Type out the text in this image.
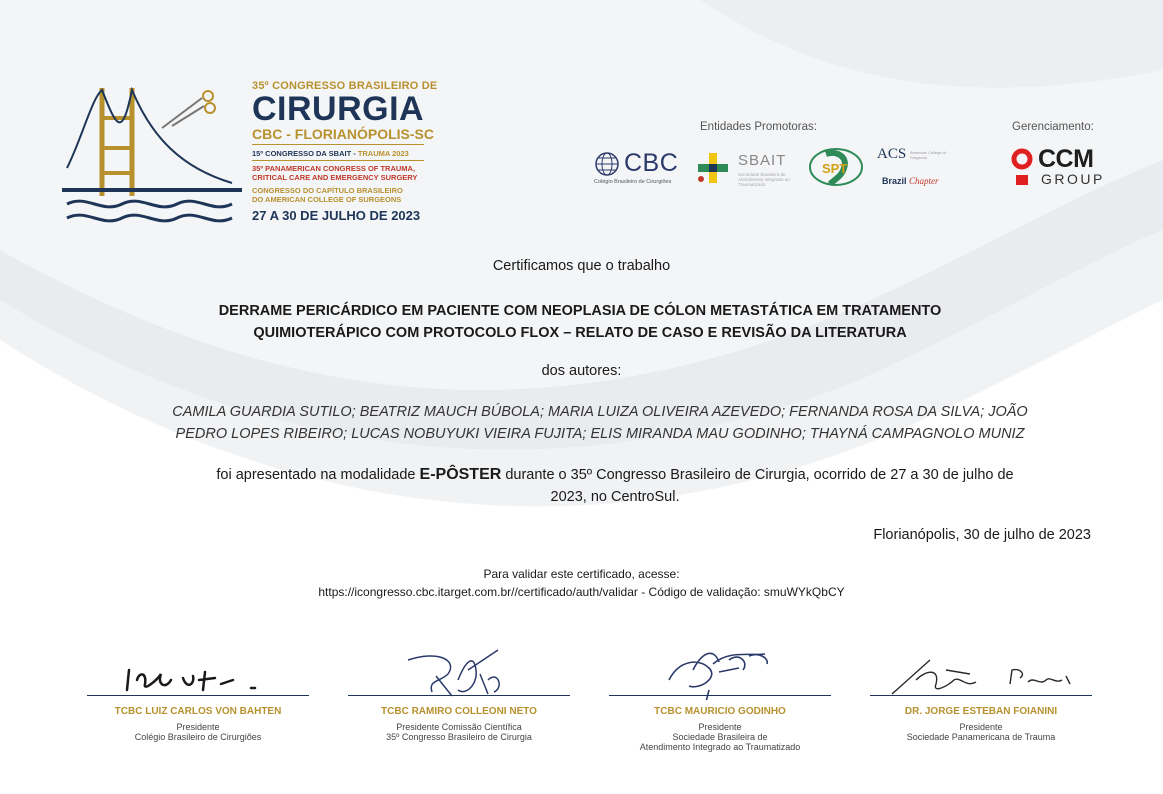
35º CONGRESSO BRASILEIRO DE
CIRURGIA
CBC - FLORIANÓPOLIS-SC
15º CONGRESSO DA SBAIT - TRAUMA 2023
35º PANAMERICAN CONGRESS OF TRAUMA,
CRITICAL CARE AND EMERGENCY SURGERY
CONGRESSO DO CAPÍTULO BRASILEIRO
DO AMERICAN COLLEGE OF SURGEONS
27 A 30 DE JULHO DE 2023
Entidades Promotoras:	Gerenciamento:
CBC
Colégio Brasileiro de Cirurgiões
SBAIT
Sociedade Brasileira de Atendimento Integrado ao Traumatizado
SPT
ACS American College of Surgeons
Brazil Chapter
CCM
GROUP
Certificamos que o trabalho
DERRAME PERICÁRDICO EM PACIENTE COM NEOPLASIA DE CÓLON METASTÁTICA EM TRATAMENTO
QUIMIOTERÁPICO COM PROTOCOLO FLOX – RELATO DE CASO E REVISÃO DA LITERATURA
dos autores:
CAMILA GUARDIA SUTILO; BEATRIZ MAUCH BÚBOLA; MARIA LUIZA OLIVEIRA AZEVEDO; FERNANDA ROSA DA SILVA; JOÃO
PEDRO LOPES RIBEIRO; LUCAS NOBUYUKI VIEIRA FUJITA; ELIS MIRANDA MAU GODINHO; THAYNÁ CAMPAGNOLO MUNIZ
foi apresentado na modalidade E-PÔSTER durante o 35º Congresso Brasileiro de Cirurgia, ocorrido de 27 a 30 de julho de
2023, no CentroSul.
Florianópolis, 30 de julho de 2023
Para validar este certificado, acesse:
https://icongresso.cbc.itarget.com.br//certificado/auth/validar - Código de validação: smuWYkQbCY
TCBC LUIZ CARLOS VON BAHTEN
Presidente
Colégio Brasileiro de Cirurgiões
TCBC RAMIRO COLLEONI NETO
Presidente Comissão Científica
35º Congresso Brasileiro de Cirurgia
TCBC MAURICIO GODINHO
Presidente
Sociedade Brasileira de
Atendimento Integrado ao Traumatizado
DR. JORGE ESTEBAN FOIANINI
Presidente
Sociedade Panamericana de Trauma
